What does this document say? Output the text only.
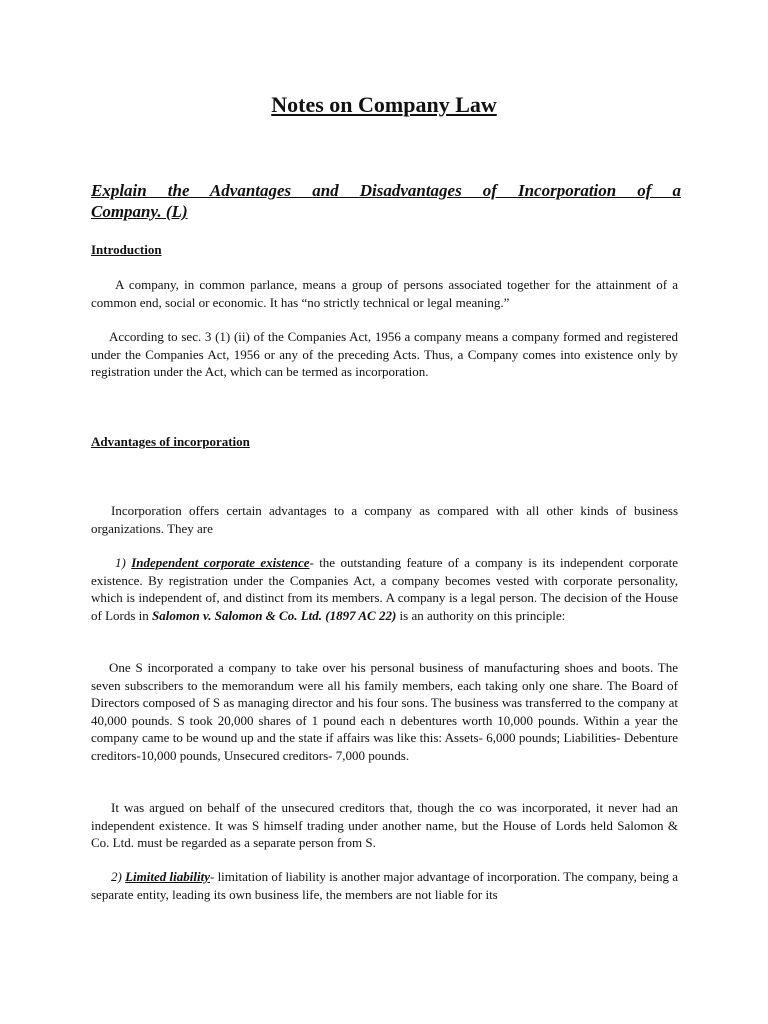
Notes on Company Law
Explain the Advantages and Disadvantages of Incorporation of a
Company. (L)
Introduction

A company, in common parlance, means a group of persons associated together for the attainment of a common end, social or economic. It has “no strictly technical or legal meaning.”

According to sec. 3 (1) (ii) of the Companies Act, 1956 a company means a company formed and registered under the Companies Act, 1956 or any of the preceding Acts. Thus, a Company comes into existence only by registration under the Act, which can be termed as incorporation.

Advantages of incorporation

Incorporation offers certain advantages to a company as compared with all other kinds of business organizations. They are

1) Independent corporate existence- the outstanding feature of a company is its independent corporate existence. By registration under the Companies Act, a company becomes vested with corporate personality, which is independent of, and distinct from its members. A company is a legal person. The decision of the House of Lords in Salomon v. Salomon & Co. Ltd. (1897 AC 22) is an authority on this principle:

One S incorporated a company to take over his personal business of manufacturing shoes and boots. The seven subscribers to the memorandum were all his family members, each taking only one share. The Board of Directors composed of S as managing director and his four sons. The business was transferred to the company at 40,000 pounds. S took 20,000 shares of 1 pound each n debentures worth 10,000 pounds. Within a year the company came to be wound up and the state if affairs was like this: Assets- 6,000 pounds; Liabilities- Debenture creditors-10,000 pounds, Unsecured creditors- 7,000 pounds.

It was argued on behalf of the unsecured creditors that, though the co was incorporated, it never had an independent existence. It was S himself trading under another name, but the House of Lords held Salomon & Co. Ltd. must be regarded as a separate person from S.

2) Limited liability- limitation of liability is another major advantage of incorporation. The company, being a separate entity, leading its own business life, the members are not liable for its
